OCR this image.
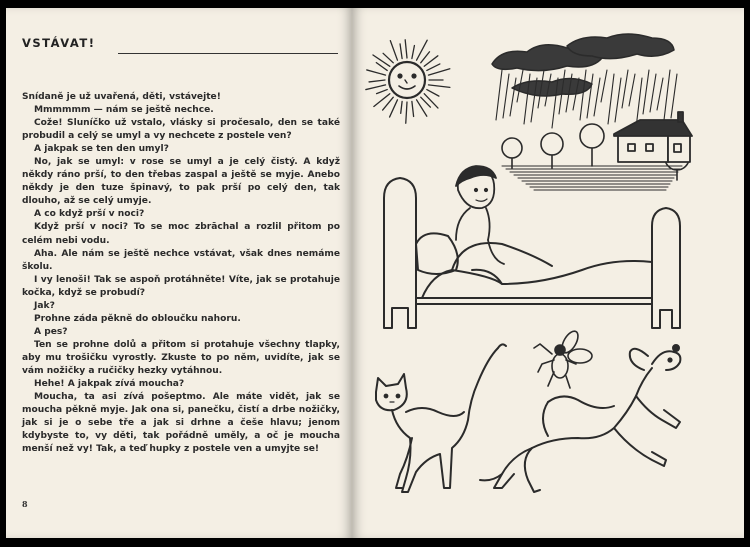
VSTÁVAT!

Snídaně je už uvařená, děti, vstávejte!

Mmmmmm — nám se ještě nechce.

Cože! Sluníčko už vstalo, vlásky si pročesalo, den se také probudil a celý se umyl a vy nechcete z postele ven?

A jakpak se ten den umyl?

No, jak se umyl: v rose se umyl a je celý čistý. A když někdy ráno prší, to den třebas zaspal a ještě se myje. Anebo někdy je den tuze špinavý, to pak prší po celý den, tak dlouho, až se celý umyje.

A co když prší v noci?

Když prší v noci? To se moc zbrāchal a rozlil přitom po celém nebi vodu.

Aha. Ale nám se ještě nechce vstávat, však dnes nemáme školu.

I vy lenoši! Tak se aspoň protáhněte! Víte, jak se protahuje kočka, když se probudí?

Jak?

Prohne záda pěkně do oblоučku nahoru.

A pes?

Ten se prohne dolů a přitom si protahuje všechny tlapky, aby mu trošičku vyrostly. Zkuste to po něm, uvidíte, jak se vám nožičky a ručičky hezky vytáhnou.

Hehe! A jakpak zívá moucha?

Moucha, ta asi zívá pošeptmo. Ale máte vidět, jak se moucha pěkně myje. Jak ona si, panečku, čistí a drbe nožičky, jak si je o sebe tře a jak si drhne a češe hlavu; jenom kdybyste to, vy děti, tak pořádně uměly, a oč je moucha menší než vy! Tak, a teď hupky z postele ven a umyjte se!

8
